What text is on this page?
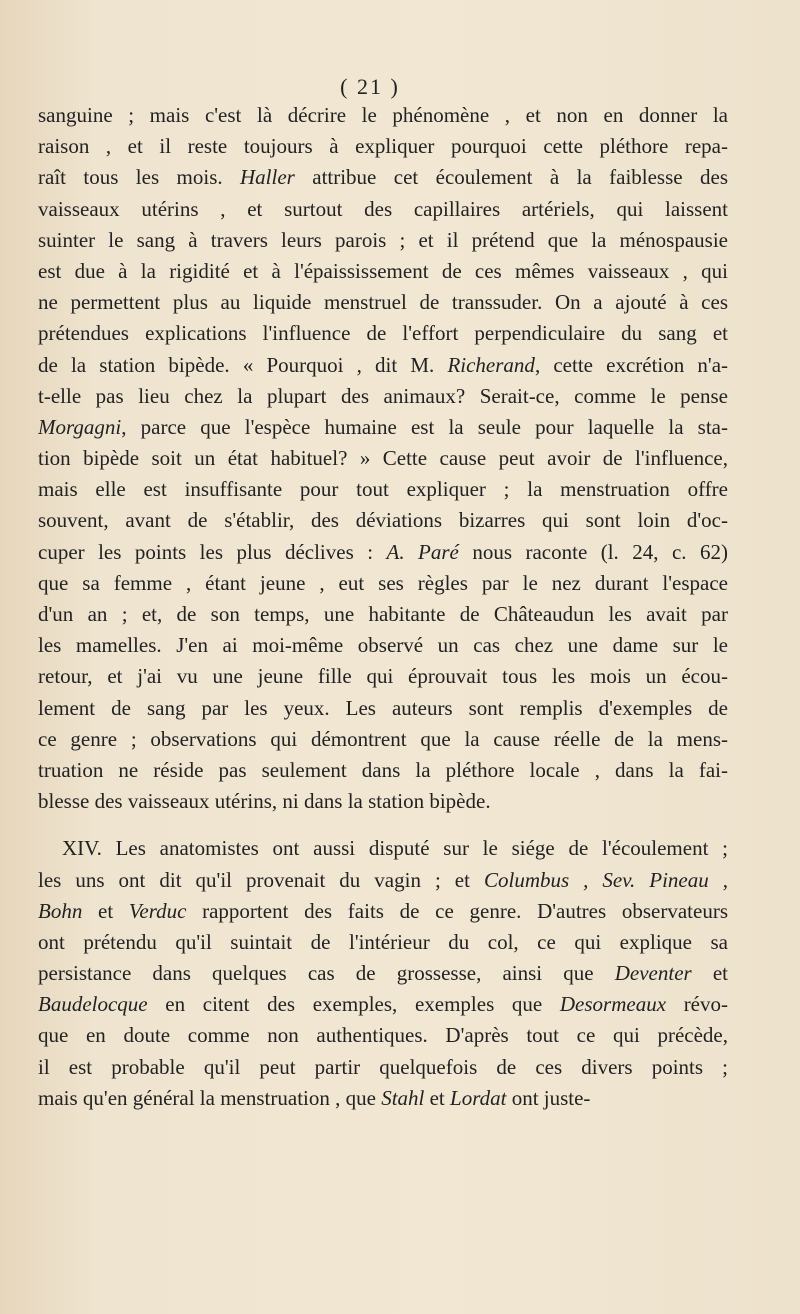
( 21 )
sanguine ; mais c'est là décrire le phénomène , et non en donner la
raison , et il reste toujours à expliquer pourquoi cette pléthore repa-
raît tous les mois. Haller attribue cet écoulement à la faiblesse des
vaisseaux utérins , et surtout des capillaires artériels, qui laissent
suinter le sang à travers leurs parois ; et il prétend que la ménospausie
est due à la rigidité et à l'épaississement de ces mêmes vaisseaux , qui
ne permettent plus au liquide menstruel de transsuder. On a ajouté à ces
prétendues explications l'influence de l'effort perpendiculaire du sang et
de la station bipède. « Pourquoi , dit M. Richerand, cette excrétion n'a-
t-elle pas lieu chez la plupart des animaux? Serait-ce, comme le pense
Morgagni, parce que l'espèce humaine est la seule pour laquelle la sta-
tion bipède soit un état habituel? » Cette cause peut avoir de l'influence,
mais elle est insuffisante pour tout expliquer ; la menstruation offre
souvent, avant de s'établir, des déviations bizarres qui sont loin d'oc-
cuper les points les plus déclives : A. Paré nous raconte (l. 24, c. 62)
que sa femme , étant jeune , eut ses règles par le nez durant l'espace
d'un an ; et, de son temps, une habitante de Châteaudun les avait par
les mamelles. J'en ai moi-même observé un cas chez une dame sur le
retour, et j'ai vu une jeune fille qui éprouvait tous les mois un écou-
lement de sang par les yeux. Les auteurs sont remplis d'exemples de
ce genre ; observations qui démontrent que la cause réelle de la mens-
truation ne réside pas seulement dans la pléthore locale , dans la fai-
blesse des vaisseaux utérins, ni dans la station bipède.
XIV. Les anatomistes ont aussi disputé sur le siége de l'écoulement ;
les uns ont dit qu'il provenait du vagin ; et Columbus , Sev. Pineau ,
Bohn et Verduc rapportent des faits de ce genre. D'autres observateurs
ont prétendu qu'il suintait de l'intérieur du col, ce qui explique sa
persistance dans quelques cas de grossesse, ainsi que Deventer et
Baudelocque en citent des exemples, exemples que Desormeaux révo-
que en doute comme non authentiques. D'après tout ce qui précède,
il est probable qu'il peut partir quelquefois de ces divers points ;
mais qu'en général la menstruation , que Stahl et Lordat ont juste-
